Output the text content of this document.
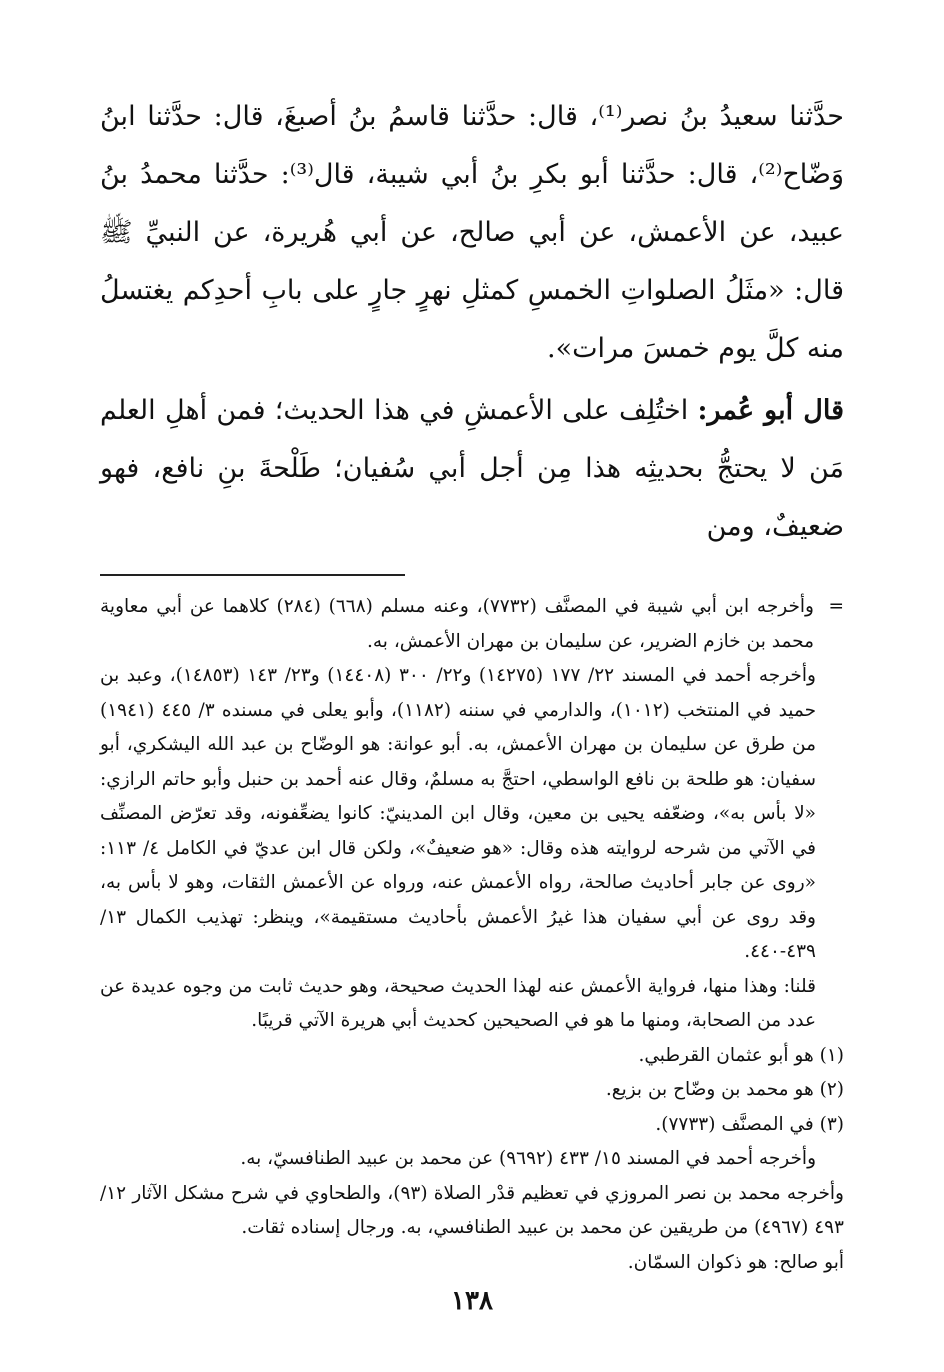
حدَّثنا سعيدُ بنُ نصر⁽¹⁾، قال: حدَّثنا قاسمُ بنُ أصبغَ، قال: حدَّثنا ابنُ وَضّاح⁽²⁾، قال: حدَّثنا أبو بكرِ بنُ أبي شيبة، قال⁽³⁾: حدَّثنا محمدُ بنُ عبيد، عن الأعمش، عن أبي صالح، عن أبي هُريرة، عن النبيِّ ﷺ قال: «مثَلُ الصلواتِ الخمسِ كمثلِ نهرٍ جارٍ على بابِ أحدِكم يغتسلُ منه كلَّ يوم خمسَ مرات».

قال أبو عُمر: اختُلِف على الأعمشِ في هذا الحديث؛ فمن أهلِ العلم مَن لا يحتجُّ بحديثِه هذا مِن أجل أبي سُفيان؛ طَلْحةَ بنِ نافع، فهو ضعيفٌ، ومن

=
وأخرجه ابن أبي شيبة في المصنَّف (٧٧٣٢)، وعنه مسلم (٦٦٨) (٢٨٤) كلاهما عن أبي معاوية محمد بن خازم الضرير، عن سليمان بن مهران الأعمش، به.

وأخرجه أحمد في المسند ٢٢/ ١٧٧ (١٤٢٧٥) و٢٢/ ٣٠٠ (١٤٤٠٨) و٢٣/ ١٤٣ (١٤٨٥٣)، وعبد بن حميد في المنتخب (١٠١٢)، والدارمي في سننه (١١٨٢)، وأبو يعلى في مسنده ٣/ ٤٤٥ (١٩٤١) من طرق عن سليمان بن مهران الأعمش، به. أبو عوانة: هو الوضّاح بن عبد الله اليشكري، أبو سفيان: هو طلحة بن نافع الواسطي، احتجَّ به مسلمٌ، وقال عنه أحمد بن حنبل وأبو حاتم الرازي: «لا بأس به»، وضعّفه يحيى بن معين، وقال ابن المدينيّ: كانوا يضعِّفونه، وقد تعرّض المصنِّف في الآتي من شرحه لروايته هذه وقال: «هو ضعيفٌ»، ولكن قال ابن عديّ في الكامل ٤/ ١١٣: «روى عن جابر أحاديث صالحة، رواه الأعمش عنه، ورواه عن الأعمش الثقات، وهو لا بأس به، وقد روى عن أبي سفيان هذا غيرُ الأعمش بأحاديث مستقيمة»، وينظر: تهذيب الكمال ١٣/ ٤٣٩-٤٤٠.

قلنا: وهذا منها، فرواية الأعمش عنه لهذا الحديث صحيحة، وهو حديث ثابت من وجوه عديدة عن عدد من الصحابة، ومنها ما هو في الصحيحين كحديث أبي هريرة الآتي قريبًا.

(١) هو أبو عثمان القرطبي.

(٢) هو محمد بن وضّاح بن بزيع.

(٣) في المصنَّف (٧٧٣٣).

وأخرجه أحمد في المسند ١٥/ ٤٣٣ (٩٦٩٢) عن محمد بن عبيد الطنافسيّ، به.

وأخرجه محمد بن نصر المروزي في تعظيم قدْر الصلاة (٩٣)، والطحاوي في شرح مشكل الآثار ١٢/ ٤٩٣ (٤٩٦٧) من طريقين عن محمد بن عبيد الطنافسي، به. ورجال إسناده ثقات.

أبو صالح: هو ذكوان السمّان.

١٣٨
